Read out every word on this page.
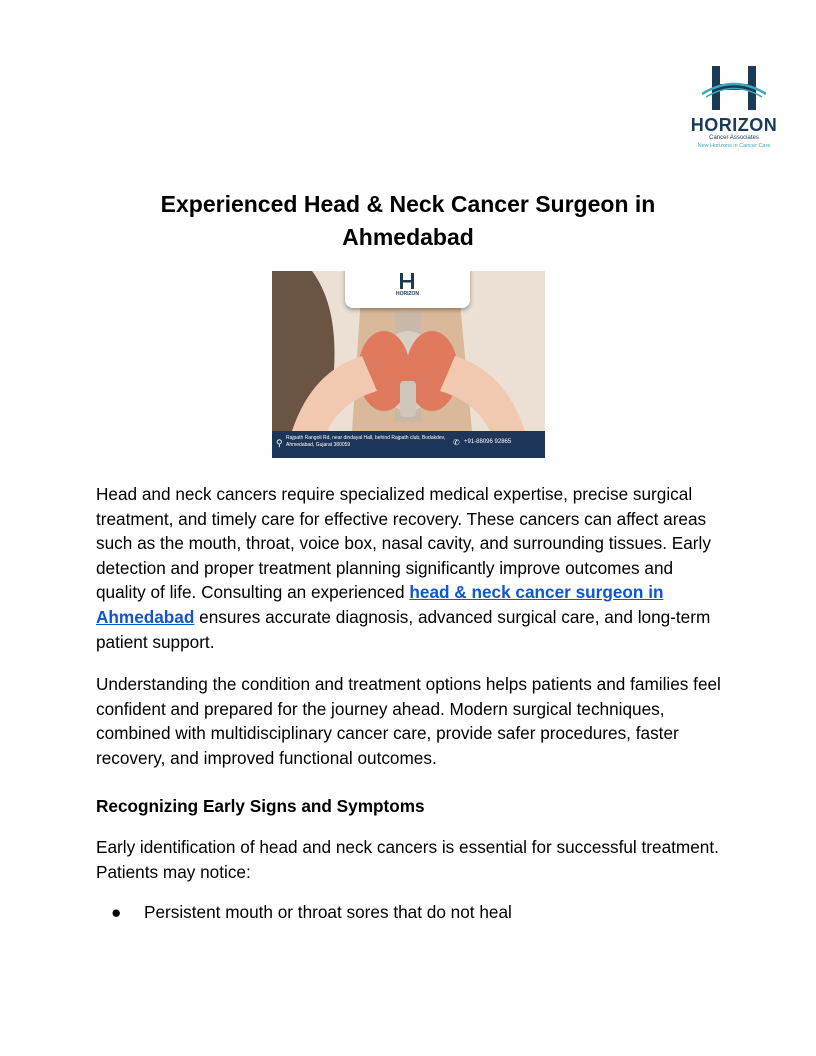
HORIZON
Cancer Associates
New Horizons in Cancer Care
Experienced Head & Neck Cancer Surgeon in Ahmedabad
HORIZON
⚲ Rajpath Rangoli Rd, near dindayal Hall, behind Rajpath club, Bodakdev, Ahmedabad, Gujarat 380059	✆ +91-88096 92865

Head and neck cancers require specialized medical expertise, precise surgical treatment, and timely care for effective recovery. These cancers can affect areas such as the mouth, throat, voice box, nasal cavity, and surrounding tissues. Early detection and proper treatment planning significantly improve outcomes and quality of life. Consulting an experienced head & neck cancer surgeon in Ahmedabad ensures accurate diagnosis, advanced surgical care, and long-term patient support.

Understanding the condition and treatment options helps patients and families feel confident and prepared for the journey ahead. Modern surgical techniques, combined with multidisciplinary cancer care, provide safer procedures, faster recovery, and improved functional outcomes.

Recognizing Early Signs and Symptoms

Early identification of head and neck cancers is essential for successful treatment. Patients may notice:

● Persistent mouth or throat sores that do not heal
